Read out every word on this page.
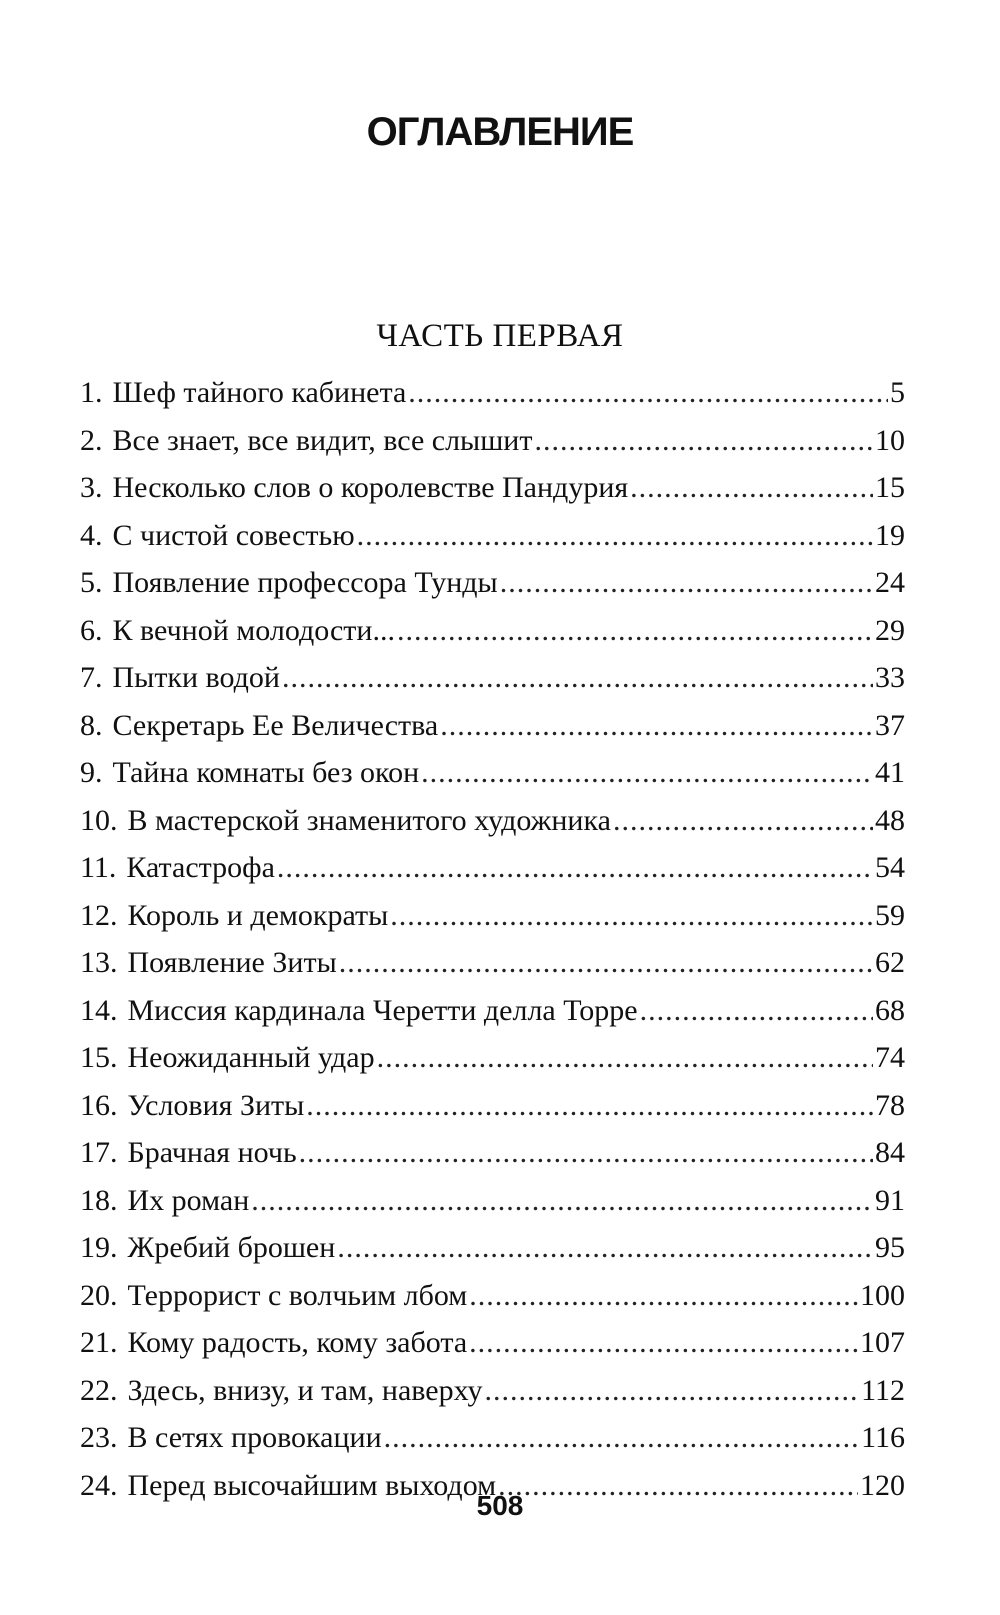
ОГЛАВЛЕНИЕ
ЧАСТЬ ПЕРВАЯ
1. Шеф тайного кабинета .....	5
2. Все знает, все видит, все слышит .....	10
3. Несколько слов о королевстве Пандурия .....	15
4. С чистой совестью .....	19
5. Появление профессора Тунды .....	24
6. К вечной молодости... .....	29
7. Пытки водой .....	33
8. Секретарь Ее Величества .....	37
9. Тайна комнаты без окон .....	41
10. В мастерской знаменитого художника .....	48
11. Катастрофа .....	54
12. Король и демократы .....	59
13. Появление Зиты .....	62
14. Миссия кардинала Черетти делла Торре .....	68
15. Неожиданный удар .....	74
16. Условия Зиты .....	78
17. Брачная ночь .....	84
18. Их роман .....	91
19. Жребий брошен .....	95
20. Террорист с волчьим лбом .....	100
21. Кому радость, кому забота .....	107
22. Здесь, внизу, и там, наверху .....	112
23. В сетях провокации .....	116
24. Перед высочайшим выходом .....	120
508
